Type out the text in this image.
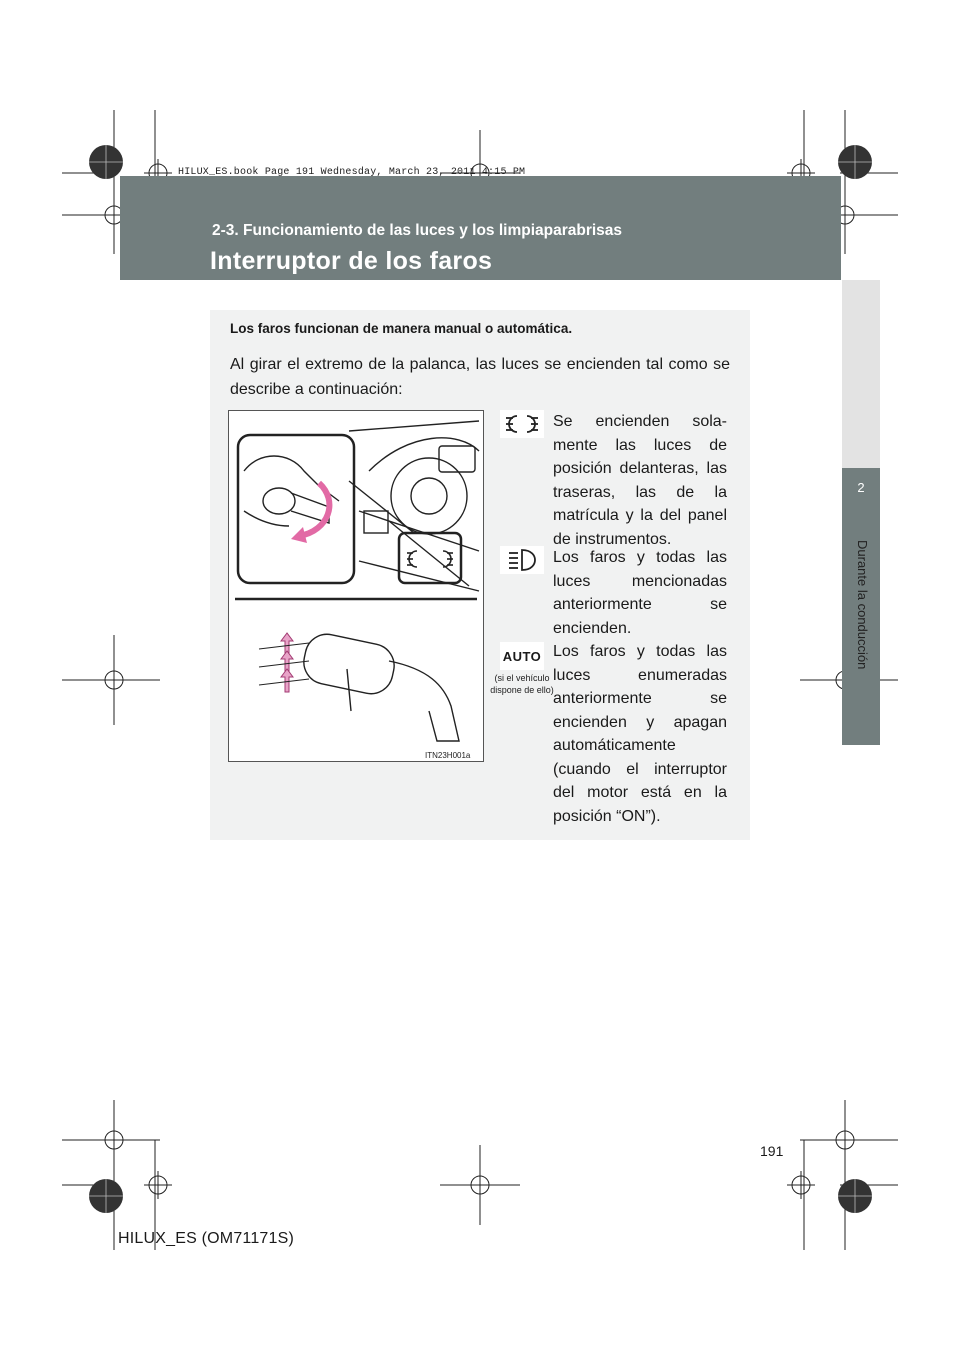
HILUX_ES.book Page 191 Wednesday, March 23, 2011 4:15 PM
2-3. Funcionamiento de las luces y los limpiaparabrisas
Interruptor de los faros
2
Durante la conducción
Los faros funcionan de manera manual o automática.
Al girar el extremo de la palanca, las luces se encienden tal como se describe a continuación:
ITN23H001a
Se encienden sola-mente las luces de posición delanteras, las traseras, las de la matrícula y la del panel de instrumentos.
Los faros y todas las luces mencionadas anteriormente se encienden.
AUTO
(si el vehículo dispone de ello)
Los faros y todas las luces enumeradas anteriormente se encienden y apagan automáticamente (cuando el interruptor del motor está en la posición “ON”).
191
HILUX_ES (OM71171S)
